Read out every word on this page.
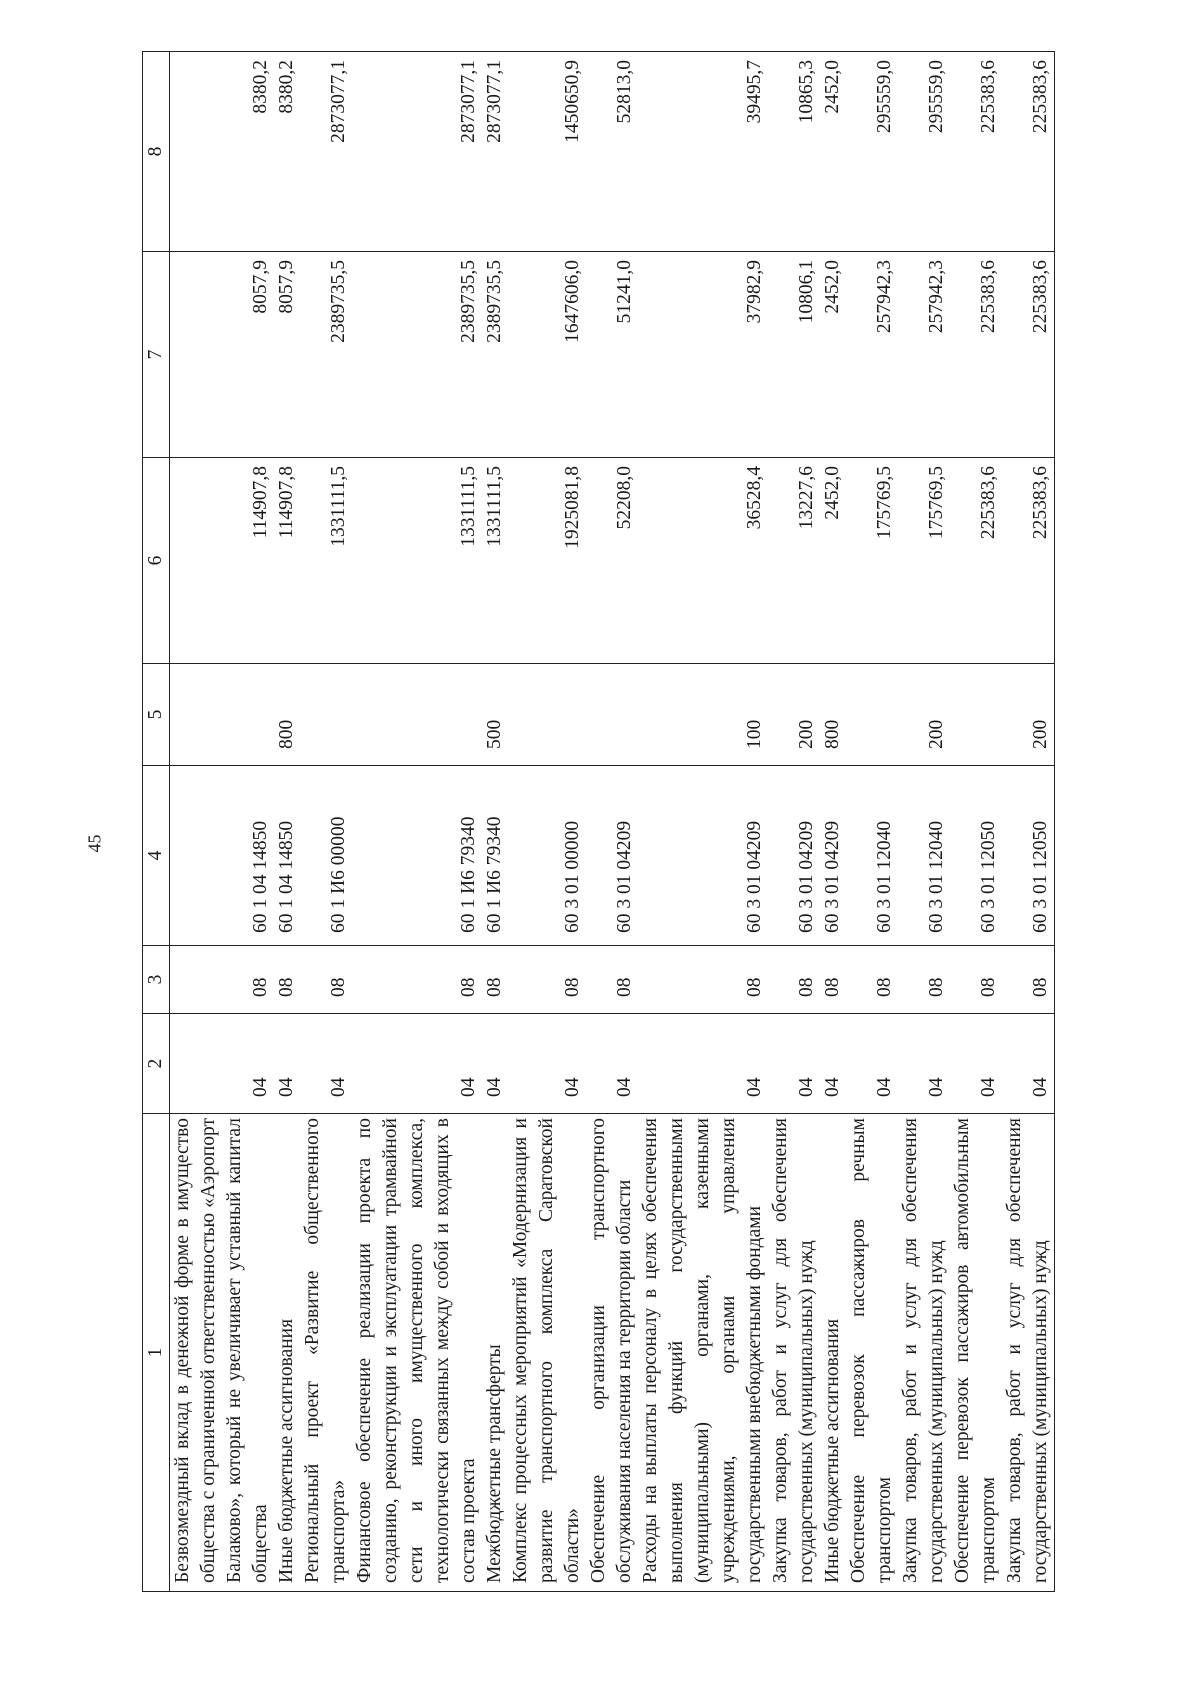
45
1	2	3	4	5	6	7	8
Безвозмездный вклад в денежной форме в имущество общества с ограниченной ответственностью «Аэропорт Балаково», который не увеличивает уставный капитал общества	04	08	60 1 04 14850		114907,8	8057,9	8380,2
Иные бюджетные ассигнования	04	08	60 1 04 14850	800	114907,8	8057,9	8380,2
Региональный проект «Развитие общественного транспорта»	04	08	60 1 И6 00000		1331111,5	2389735,5	2873077,1
Финансовое обеспечение реализации проекта по созданию, реконструкции и эксплуатации трамвайной сети и иного имущественного комплекса, технологически связанных между собой и входящих в состав проекта	04	08	60 1 И6 79340		1331111,5	2389735,5	2873077,1
Межбюджетные трансферты	04	08	60 1 И6 79340	500	1331111,5	2389735,5	2873077,1
Комплекс процессных мероприятий «Модернизация и развитие транспортного комплекса Саратовской области»	04	08	60 3 01 00000		1925081,8	1647606,0	1450650,9
Обеспечение организации транспортного обслуживания населения на территории области	04	08	60 3 01 04209		52208,0	51241,0	52813,0
Расходы на выплаты персоналу в целях обеспечения выполнения функций государственными (муниципальными) органами, казенными учреждениями, органами управления государственными внебюджетными фондами	04	08	60 3 01 04209	100	36528,4	37982,9	39495,7
Закупка товаров, работ и услуг для обеспечения государственных (муниципальных) нужд	04	08	60 3 01 04209	200	13227,6	10806,1	10865,3
Иные бюджетные ассигнования	04	08	60 3 01 04209	800	2452,0	2452,0	2452,0
Обеспечение перевозок пассажиров речным транспортом	04	08	60 3 01 12040		175769,5	257942,3	295559,0
Закупка товаров, работ и услуг для обеспечения государственных (муниципальных) нужд	04	08	60 3 01 12040	200	175769,5	257942,3	295559,0
Обеспечение перевозок пассажиров автомобильным транспортом	04	08	60 3 01 12050		225383,6	225383,6	225383,6
Закупка товаров, работ и услуг для обеспечения государственных (муниципальных) нужд	04	08	60 3 01 12050	200	225383,6	225383,6	225383,6
